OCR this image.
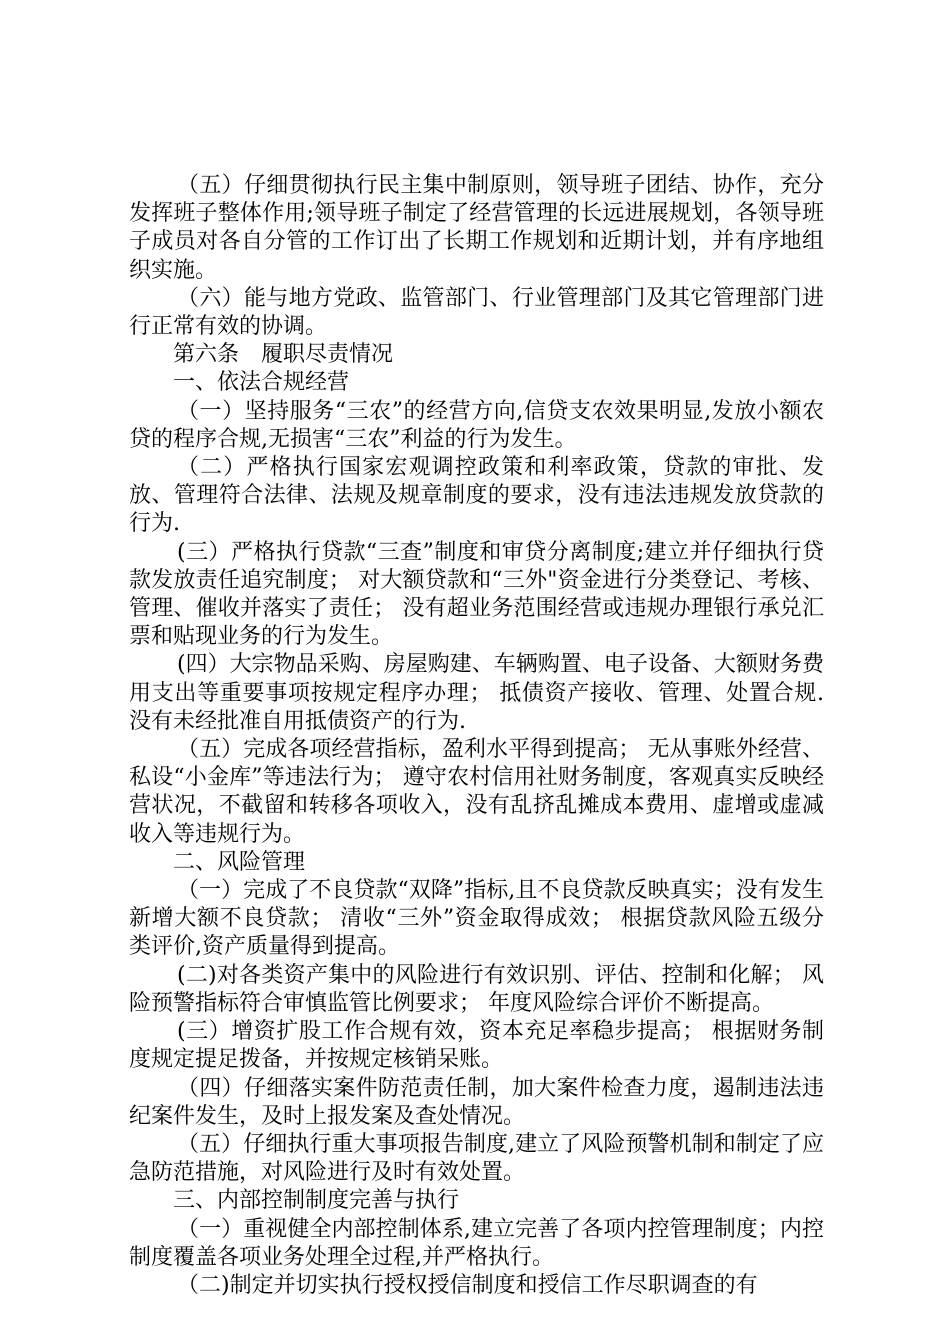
（五）仔细贯彻执行民主集中制原则，领导班子团结、协作，充分发挥班子整体作用;领导班子制定了经营管理的长远进展规划，各领导班子成员对各自分管的工作订出了长期工作规划和近期计划，并有序地组织实施。

（六）能与地方党政、监管部门、行业管理部门及其它管理部门进行正常有效的协调。

第六条　履职尽责情况

一、依法合规经营

（一）坚持服务“三农”的经营方向,信贷支农效果明显,发放小额农贷的程序合规,无损害“三农”利益的行为发生。

（二）严格执行国家宏观调控政策和利率政策，贷款的审批、发放、管理符合法律、法规及规章制度的要求，没有违法违规发放贷款的行为.

(三）严格执行贷款“三查”制度和审贷分离制度;建立并仔细执行贷款发放责任追究制度； 对大额贷款和“三外"资金进行分类登记、考核、管理、催收并落实了责任； 没有超业务范围经营或违规办理银行承兑汇票和贴现业务的行为发生。

(四）大宗物品采购、房屋购建、车辆购置、电子设备、大额财务费用支出等重要事项按规定程序办理； 抵债资产接收、管理、处置合规.没有未经批准自用抵债资产的行为.

（五）完成各项经营指标，盈利水平得到提高； 无从事账外经营、私设“小金库”等违法行为； 遵守农村信用社财务制度，客观真实反映经营状况，不截留和转移各项收入，没有乱挤乱摊成本费用、虚增或虚减收入等违规行为。

二、风险管理

（一）完成了不良贷款“双降”指标,且不良贷款反映真实；没有发生新增大额不良贷款； 清收“三外”资金取得成效； 根据贷款风险五级分类评价,资产质量得到提高。

(二)对各类资产集中的风险进行有效识别、评估、控制和化解； 风险预警指标符合审慎监管比例要求； 年度风险综合评价不断提高。

(三）增资扩股工作合规有效，资本充足率稳步提高； 根据财务制度规定提足拨备，并按规定核销呆账。

（四）仔细落实案件防范责任制，加大案件检查力度，遏制违法违纪案件发生，及时上报发案及查处情况。

（五）仔细执行重大事项报告制度,建立了风险预警机制和制定了应急防范措施，对风险进行及时有效处置。

三、内部控制制度完善与执行

（一）重视健全内部控制体系,建立完善了各项内控管理制度；内控制度覆盖各项业务处理全过程,并严格执行。

（二)制定并切实执行授权授信制度和授信工作尽职调查的有
